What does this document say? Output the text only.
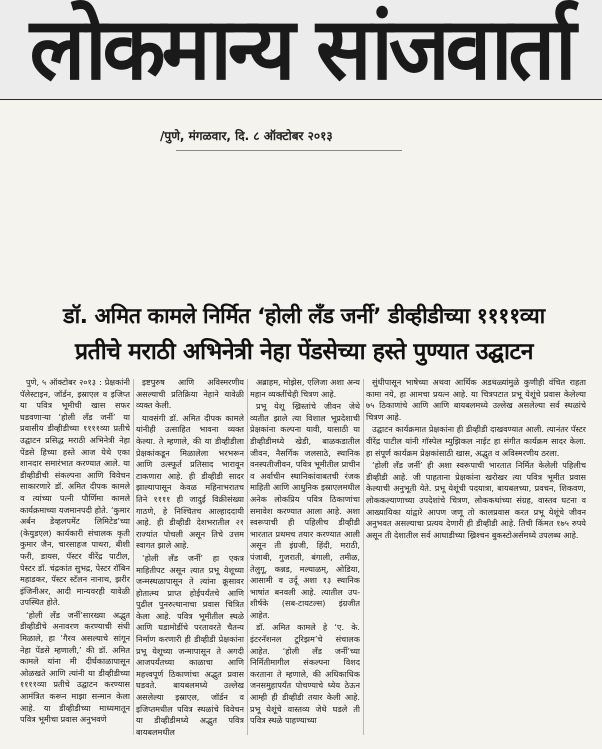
लोकमान्य सांजवार्ता
/पुणे, मंगळवार, दि. ८ ऑक्टोबर २०१३
डॉ. अमित कामले निर्मित ‘होली लँड जर्नी’ डीव्हीडीच्या ११११व्या
प्रतीचे मराठी अभिनेत्री नेहा पेंडसेच्या हस्ते पुण्यात उद्घाटन

पुणे, ५ ऑक्टोबर २०१३ : प्रेक्षकांनी पॅलेस्टाइन, जॉर्डन, इस्राएल व इजिप्त या पवित्र भूमीची खास सफर घडवणाऱ्या ‘होली लँड जर्नी’ या प्रवासीय डीव्हीडीच्या ११११व्या प्रतीचे उद्घाटन प्रसिद्ध मराठी अभिनेत्री नेहा पेंडसे हिच्या हस्ते आज येथे एका शानदार समारंभात करण्यात आले. या डीव्हीडीची संकल्पना आणि विवेचन साकारणारे डॉ. अमित दीपक कामले व त्यांच्या पत्नी पौर्णिमा कामले कार्यक्रमाच्या यजमानपदी होते. ‘कुमार अर्बन डेव्हलपमेंट लिमिटेड’च्या (केयुडएल) कार्यकारी संचालक कृती कुमार जैन, चारसाहज पाथरा, बीशी फरी, डायस, पॅस्टर वीरेंद्र पाटील, पेस्टर डॉ. चंद्रकांत सुभद्र, पेस्टर रॉबिन महाडकर, पॅस्टर स्टॅलन नानाथ, झरीर इंजिनीअर, आदी मान्यवरही यावेळी उपस्थित होते.

‘होली लँड जर्नी’सारख्या अद्भुत डीव्हीडीचे अनावरण करण्याची संधी मिळाले, हा ‘गैरव असल्याचे सांगून नेहा पेंडसे म्हणाली,’ की डॉ. अमित कामले यांना मी दीर्घकाळापासून ओळखते आणि त्यांनी या डीव्हीडीच्या ११११व्या प्रतीचे उद्घाटन करण्यास आमंत्रित करून माझा सन्मान केला आहे. या डीव्हीडीच्या माध्यमातून पवित्र भूमीचा प्रवास अनुभवणे

इष्टपुरुष आणि अविस्मरणीय असल्याची प्रतिक्रिया नेहाने यावेळी व्यक्त केली.

यावसंगी डॉ. अमित दीपक कामले यांनीही उत्साहित भावना व्यक्त केल्या. ते म्हणाले, की या डीव्हीडीला प्रेक्षकांकडून मिळालेला भरभरून आणि उत्स्फूर्त प्रतिसाद भारावून टाकणारा आहे. ही डीव्हीडी सादर झाल्यापासून केवळ महिनाभरातच तिने ११११ ही जादुई विक्रीसंख्या गाठणे, हे निश्चितच आल्हाददायी आहे. ही डीव्हीडी देशभरातील २१ राज्यांत पोचली असून तिचे उत्तम स्वागत झाले आहे.

‘होली लँड जर्नी’ हा एकत्र माहितीपट असून त्यात प्रभू येशूच्या जन्मस्थळापासून ते त्यांना क्रूसावर होतात्म्य प्राप्त होईपर्यंतचे आणि पुढील पुनरुत्थानाचा प्रवास चित्रित केला आहे. पवित्र भूमीतील स्थळे आणि घडामोडींचे परतावरते चैतन्य निर्माण करणारी ही डीव्हीडी प्रेक्षकांना प्रभू येशूच्या जन्मापासून ते अगदी आजपर्यंतच्या काळाचा आणि महत्त्वपूर्ण ठिकाणांचा अद्भुत प्रवास घडवते. बायबलमध्ये उल्लेख असलेल्या इस्राएल, जॉर्डन व इजिप्तमधील पवित्र स्थळांचे विवेचन या डीव्हीडीमध्ये अद्भुत पवित्र बायबलमधील

अब्राहम, मोझेस, एलिजा अशा अन्य महान व्यक्तींचेही चित्रण आहे.

प्रभू येशू ख्रिस्तांचे जीवन जेथे व्यतीत झाले त्या विशाल भूप्रदेशाची प्रेक्षकांना कल्पना यावी, यासाठी या डीव्हीडीमध्ये खेडी, बाळकडातील जीवन, नैसर्गिक जलसाठे, स्थानिक वनस्पतीजीवन, पवित्र भूमीतील प्राचीन व अर्वाचीन स्थानिकांवाबतची रंजक माहिती आणि आधुनिक इस्राएलमधील अनेक लोकप्रिय पवित्र ठिकाणांचा समावेश करण्यात आला आहे. अशा स्वरूपाची ही पहिलीच डीव्हीडी भारतात प्रथमच तयार करण्यात आली असून ती इंग्रजी, हिंदी, मराठी, पंजाबी, गुजराती, बंगाली, तमीळ, तेलुगू, कन्नड, मल्याळम्, ओडिया, आसामी व उर्दू अशा १३ स्थानिक भाषांत बनवली आहे. त्यातील उप-शीर्षके (सब-टायटल्स) इंग्रजीत आहेत.

डॉ. अमित कामले हे ‘ए. के. इंटरनॅशनल टूरिझम’चे संचालक आहेत. ‘होली लँड जर्नी’च्या निर्मितीमागील संकल्पना विशद करताना ते म्हणाले, की अधिकाधिक जनसमुहापर्यंत पोचण्याचे ध्येय ठेऊन आम्ही ही डीव्हीडी तयार केली आहे. प्रभू येशूंचे वास्तव्य जेथे घडले ती पवित्र स्थळे पाहण्याच्या

सुंधीपासून भाषेच्या अथवा आर्थिक अडथळ्यांमुळे कुणीही वंचित राहता कामा नये, हा आमचा प्रयत्न आहे. या चित्रपटात प्रभू येशूंचे प्रवास केलेल्या ७५ ठिकाणांचे आणि आणि बायबलमध्ये उल्लेख असलेल्या सर्व स्थळांचे चित्रण आहे.

उद्घाटन कार्यक्रमात प्रेक्षकांना ही डीव्हीडी दाखवण्यात आली. त्यानंतर पॅस्टर वीरेंद्र पाटील यांनी गॉस्पेल म्युझिकल नाईट हा संगीत कार्यक्रम सादर केला. हा संपूर्ण कार्यक्रम प्रेक्षकांसाठी खास, अद्भुत व अविस्मरणीय ठरला.

‘होली लँड जर्नी’ ही अशा स्वरूपाची भारतात निर्मित केलेली पहिलीच डीव्हीडी आहे. जी पाहताना प्रेक्षकांना खरोखर त्या पवित्र भूमीत प्रवास केल्याची अनुभूती येते. प्रभू येशूंची पदयात्रा, बायबलच्या, प्रवचन, शिकवण, लोककल्याणाच्या उपदेशांचे चित्रण, लोककथांच्या संग्रह, वास्तव घटना व आख्यायिका यांद्वारे आपण जणू तो कालप्रवास करत प्रभू येशूंचे जीवन अनुभवत असल्याचा प्रत्यय देणारी ही डीव्हीडी आहे. तिची किंमत १७५ रुपये असून ती देशातील सर्व आघाडीच्या ख्रिश्चन बुकस्टोअर्समध्ये उपलब्ध आहे.
